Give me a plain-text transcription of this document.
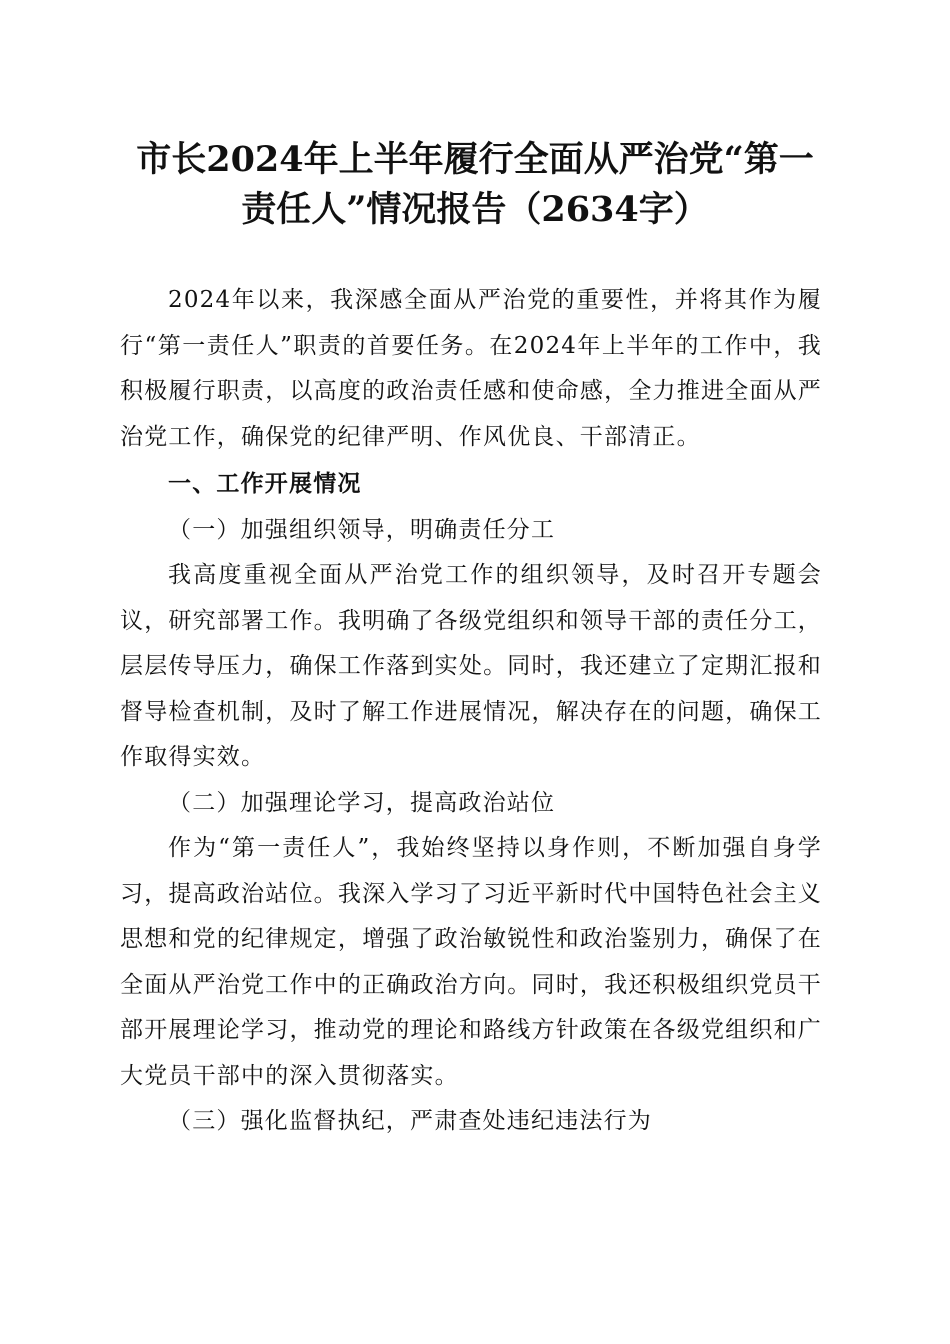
市长2024年上半年履行全面从严治党“第一
责任人”情况报告（2634字）

2024年以来，我深感全面从严治党的重要性，并将其作为履行“第一责任人”职责的首要任务。在2024年上半年的工作中，我积极履行职责，以高度的政治责任感和使命感，全力推进全面从严治党工作，确保党的纪律严明、作风优良、干部清正。

一、工作开展情况

（一）加强组织领导，明确责任分工

我高度重视全面从严治党工作的组织领导，及时召开专题会议，研究部署工作。我明确了各级党组织和领导干部的责任分工，层层传导压力，确保工作落到实处。同时，我还建立了定期汇报和督导检查机制，及时了解工作进展情况，解决存在的问题，确保工作取得实效。

（二）加强理论学习，提高政治站位

作为“第一责任人”，我始终坚持以身作则，不断加强自身学习，提高政治站位。我深入学习了习近平新时代中国特色社会主义思想和党的纪律规定，增强了政治敏锐性和政治鉴别力，确保了在全面从严治党工作中的正确政治方向。同时，我还积极组织党员干部开展理论学习，推动党的理论和路线方针政策在各级党组织和广大党员干部中的深入贯彻落实。

（三）强化监督执纪，严肃查处违纪违法行为
